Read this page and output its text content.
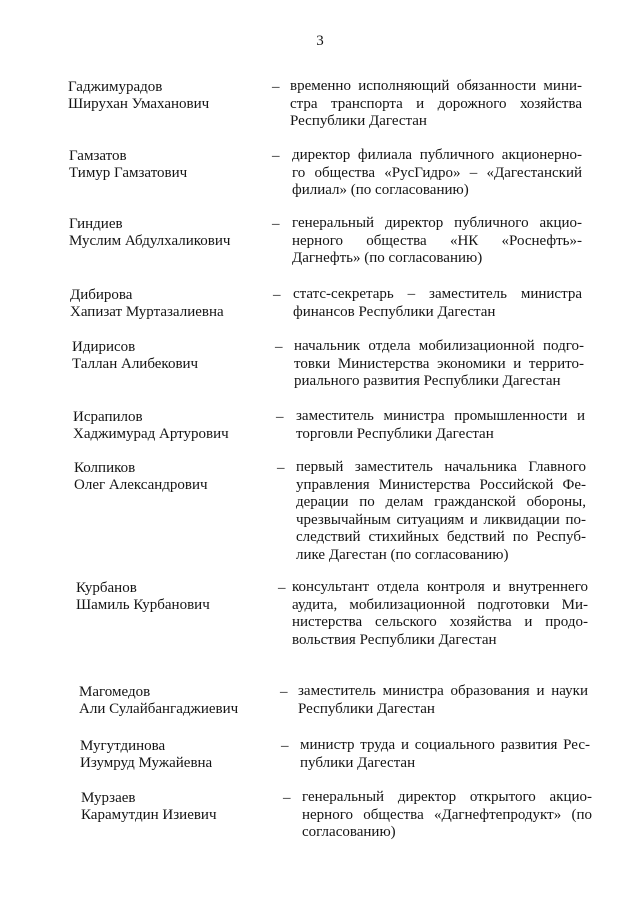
3
Гаджимурадов
Ширухан Умаханович
– временно исполняющий обязанности мини-
стра транспорта и дорожного хозяйства
Республики Дагестан
Гамзатов
Тимур Гамзатович
– директор филиала публичного акционерно-
го общества «РусГидро» – «Дагестанский
филиал» (по согласованию)
Гиндиев
Муслим Абдулхаликович
– генеральный директор публичного акцио-
нерного общества «НК «Роснефть»-
Дагнефть» (по согласованию)
Дибирова
Хапизат Муртазалиевна
– статс-секретарь – заместитель министра
финансов Республики Дагестан
Идирисов
Таллан Алибекович
– начальник отдела мобилизационной подго-
товки Министерства экономики и террито-
риального развития Республики Дагестан
Исрапилов
Хаджимурад Артурович
– заместитель министра промышленности и
торговли Республики Дагестан
Колпиков
Олег Александрович
– первый заместитель начальника Главного
управления Министерства Российской Фе-
дерации по делам гражданской обороны,
чрезвычайным ситуациям и ликвидации по-
следствий стихийных бедствий по Респуб-
лике Дагестан (по согласованию)
Курбанов
Шамиль Курбанович
– консультант отдела контроля и внутреннего
аудита, мобилизационной подготовки Ми-
нистерства сельского хозяйства и продо-
вольствия Республики Дагестан
Магомедов
Али Сулайбангаджиевич
– заместитель министра образования и науки
Республики Дагестан
Мугутдинова
Изумруд Мужайевна
– министр труда и социального развития Рес-
публики Дагестан
Мурзаев
Карамутдин Изиевич
– генеральный директор открытого акцио-
нерного общества «Дагнефтепродукт» (по
согласованию)
